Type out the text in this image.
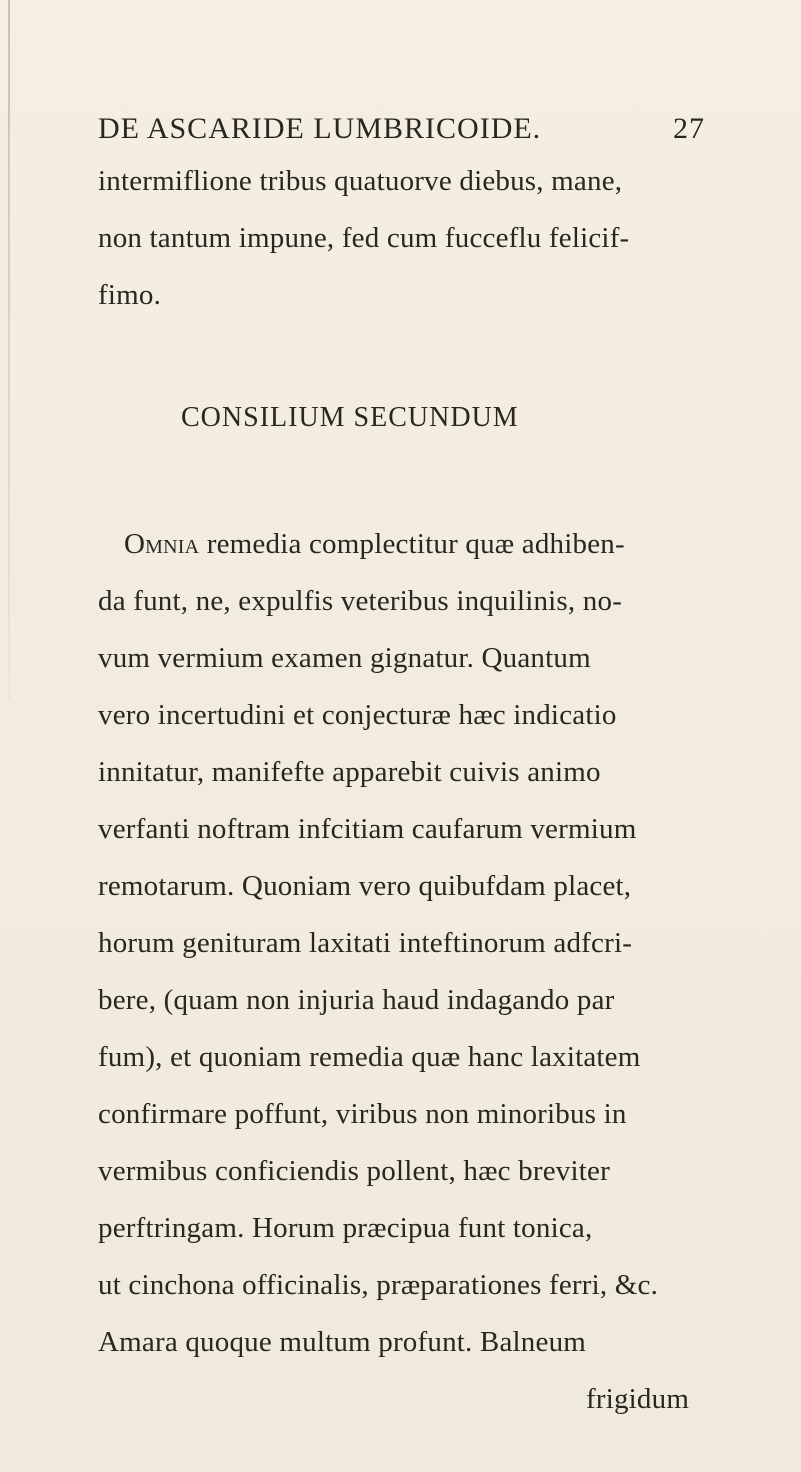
DE ASCARIDE LUMBRICOIDE.	27
intermiflione tribus quatuorve diebus, mane,
non tantum impune, fed cum fucceflu felicif-
fimo.
CONSILIUM SECUNDUM
Omnia remedia complectitur quæ adhiben-
da funt, ne, expulfis veteribus inquilinis, no-
vum vermium examen gignatur. Quantum
vero incertudini et conjecturæ hæc indicatio
innitatur, manifefte apparebit cuivis animo
verfanti noftram infcitiam caufarum vermium
remotarum. Quoniam vero quibufdam placet,
horum genituram laxitati inteftinorum adfcri-
bere, (quam non injuria haud indagando par
fum), et quoniam remedia quæ hanc laxitatem
confirmare poffunt, viribus non minoribus in
vermibus conficiendis pollent, hæc breviter
perftringam. Horum præcipua funt tonica,
ut cinchona officinalis, præparationes ferri, &c.
Amara quoque multum profunt. Balneum
frigidum
